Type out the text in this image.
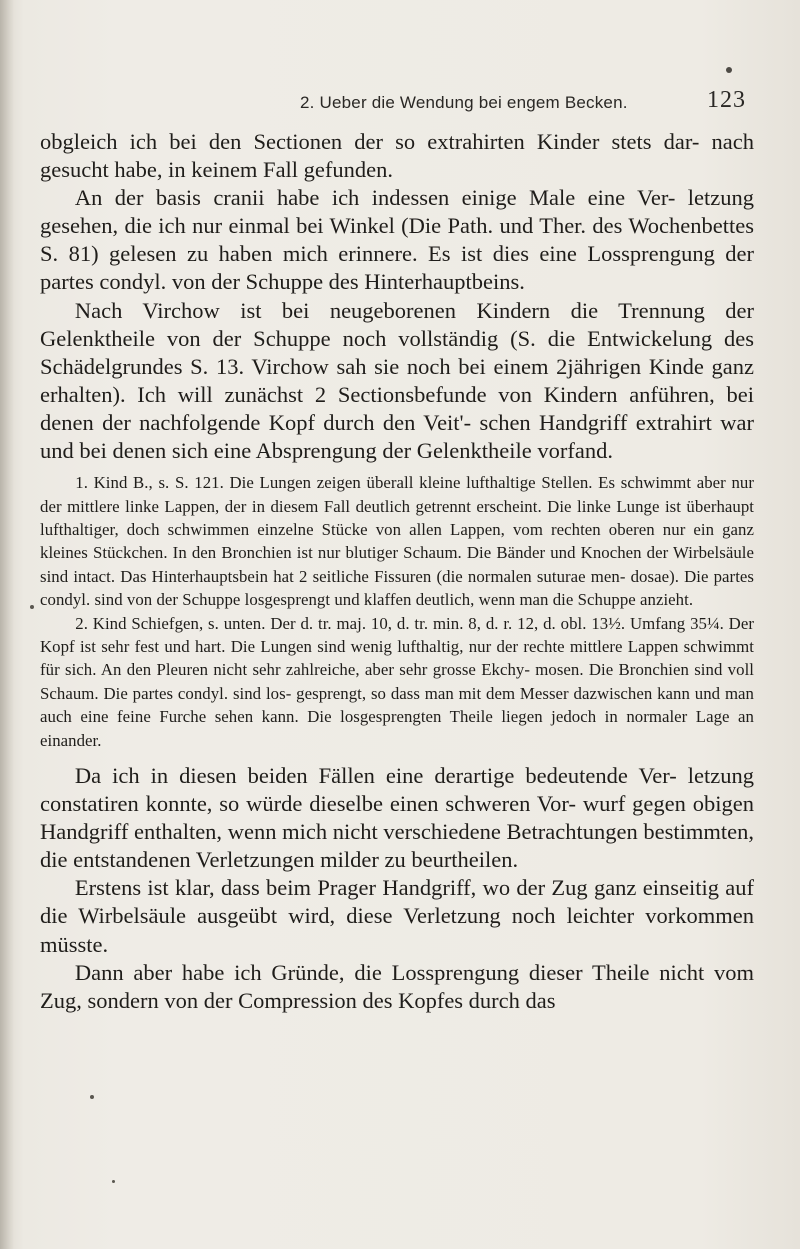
2. Ueber die Wendung bei engem Becken.	123

obgleich ich bei den Sectionen der so extrahirten Kinder stets dar- nach gesucht habe, in keinem Fall gefunden.

An der basis cranii habe ich indessen einige Male eine Ver- letzung gesehen, die ich nur einmal bei Winkel (Die Path. und Ther. des Wochenbettes S. 81) gelesen zu haben mich erinnere. Es ist dies eine Lossprengung der partes condyl. von der Schuppe des Hinterhauptbeins.

Nach Virchow ist bei neugeborenen Kindern die Trennung der Gelenktheile von der Schuppe noch vollständig (S. die Entwickelung des Schädelgrundes S. 13. Virchow sah sie noch bei einem 2jährigen Kinde ganz erhalten). Ich will zunächst 2 Sectionsbefunde von Kindern anführen, bei denen der nachfolgende Kopf durch den Veit'- schen Handgriff extrahirt war und bei denen sich eine Absprengung der Gelenktheile vorfand.

1. Kind B., s. S. 121. Die Lungen zeigen überall kleine lufthaltige Stellen. Es schwimmt aber nur der mittlere linke Lappen, der in diesem Fall deutlich getrennt erscheint. Die linke Lunge ist überhaupt lufthaltiger, doch schwimmen einzelne Stücke von allen Lappen, vom rechten oberen nur ein ganz kleines Stückchen. In den Bronchien ist nur blutiger Schaum. Die Bänder und Knochen der Wirbelsäule sind intact. Das Hinterhauptsbein hat 2 seitliche Fissuren (die normalen suturae men- dosae). Die partes condyl. sind von der Schuppe losgesprengt und klaffen deutlich, wenn man die Schuppe anzieht.

2. Kind Schiefgen, s. unten. Der d. tr. maj. 10, d. tr. min. 8, d. r. 12, d. obl. 13½. Umfang 35¼. Der Kopf ist sehr fest und hart. Die Lungen sind wenig lufthaltig, nur der rechte mittlere Lappen schwimmt für sich. An den Pleuren nicht sehr zahlreiche, aber sehr grosse Ekchy- mosen. Die Bronchien sind voll Schaum. Die partes condyl. sind los- gesprengt, so dass man mit dem Messer dazwischen kann und man auch eine feine Furche sehen kann. Die losgesprengten Theile liegen jedoch in normaler Lage an einander.

Da ich in diesen beiden Fällen eine derartige bedeutende Ver- letzung constatiren konnte, so würde dieselbe einen schweren Vor- wurf gegen obigen Handgriff enthalten, wenn mich nicht verschiedene Betrachtungen bestimmten, die entstandenen Verletzungen milder zu beurtheilen.

Erstens ist klar, dass beim Prager Handgriff, wo der Zug ganz einseitig auf die Wirbelsäule ausgeübt wird, diese Verletzung noch leichter vorkommen müsste.

Dann aber habe ich Gründe, die Lossprengung dieser Theile nicht vom Zug, sondern von der Compression des Kopfes durch das
